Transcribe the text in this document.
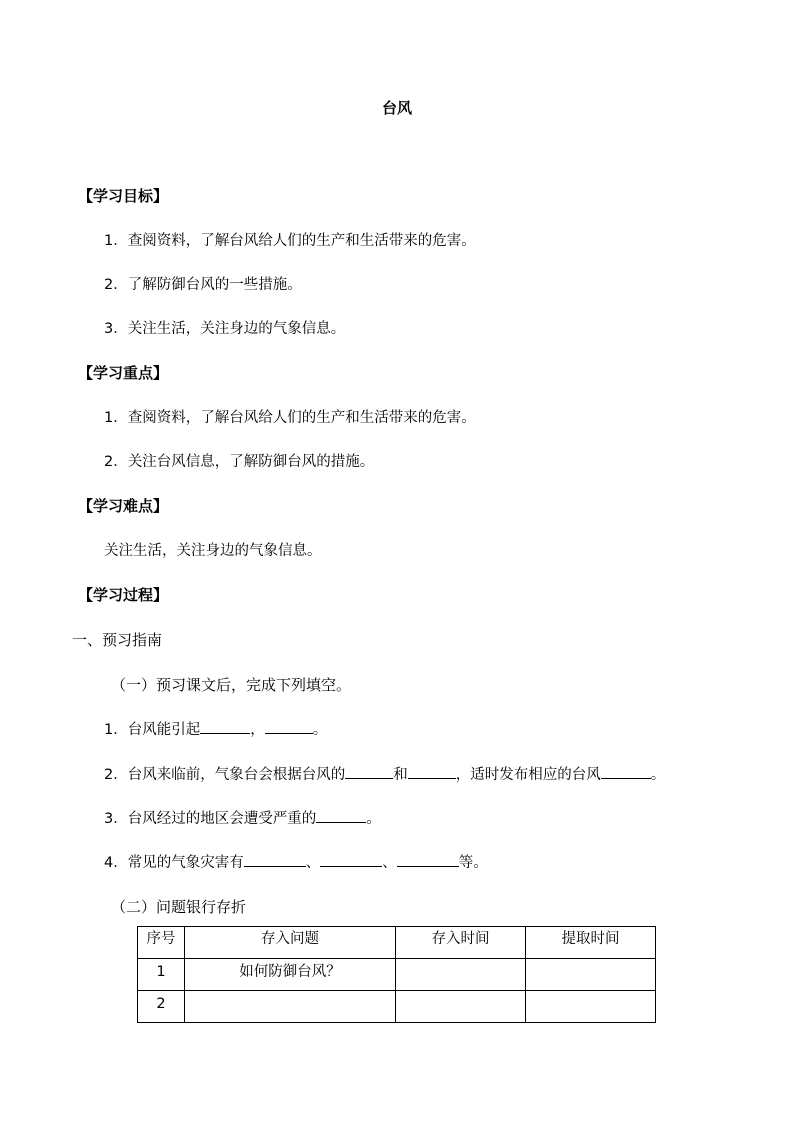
台风
【学习目标】
1．查阅资料，了解台风给人们的生产和生活带来的危害。
2．了解防御台风的一些措施。
3．关注生活，关注身边的气象信息。
【学习重点】
1．查阅资料，了解台风给人们的生产和生活带来的危害。
2．关注台风信息，了解防御台风的措施。
【学习难点】
关注生活，关注身边的气象信息。
【学习过程】
一、预习指南
（一）预习课文后，完成下列填空。
1．台风能引起	，	。
2．台风来临前，气象台会根据台风的	和	，适时发布相应的台风	。
3．台风经过的地区会遭受严重的	。
4．常见的气象灾害有	、	、	等。
（二）问题银行存折
序号	存入问题	存入时间	提取时间
1	如何防御台风？		
2			
